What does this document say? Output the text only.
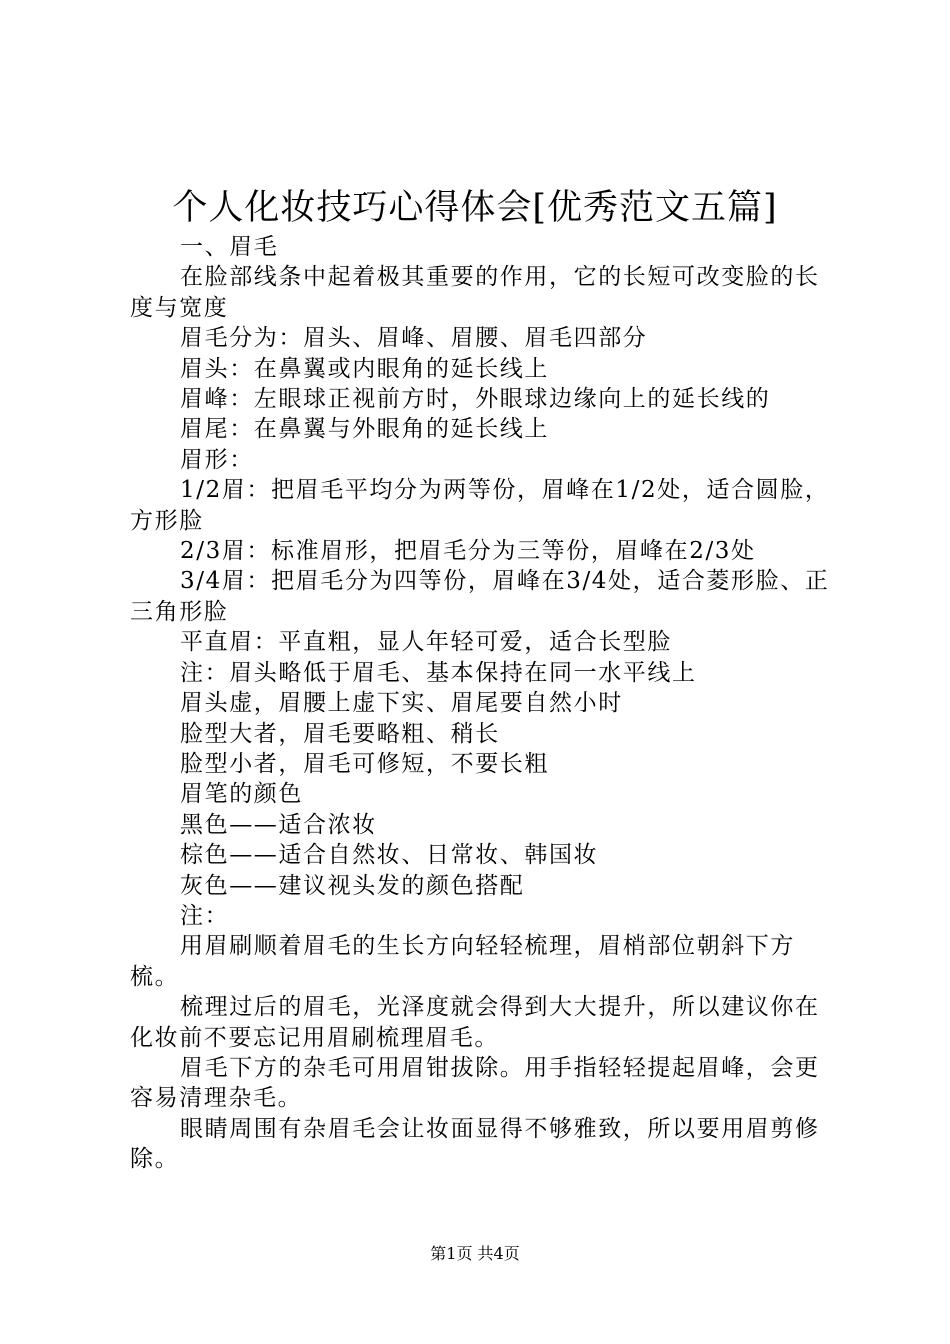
个人化妆技巧心得体会[优秀范文五篇]

一、眉毛

在脸部线条中起着极其重要的作用，它的长短可改变脸的长度与宽度

眉毛分为：眉头、眉峰、眉腰、眉毛四部分

眉头：在鼻翼或内眼角的延长线上

眉峰：左眼球正视前方时，外眼球边缘向上的延长线的

眉尾：在鼻翼与外眼角的延长线上

眉形：

1/2眉：把眉毛平均分为两等份，眉峰在1/2处，适合圆脸，方形脸

2/3眉：标准眉形，把眉毛分为三等份，眉峰在2/3处

3/4眉：把眉毛分为四等份，眉峰在3/4处，适合菱形脸、正三角形脸

平直眉：平直粗，显人年轻可爱，适合长型脸

注：眉头略低于眉毛、基本保持在同一水平线上

眉头虚，眉腰上虚下实、眉尾要自然小时

脸型大者，眉毛要略粗、稍长

脸型小者，眉毛可修短，不要长粗

眉笔的颜色

黑色——适合浓妆

棕色——适合自然妆、日常妆、韩国妆

灰色——建议视头发的颜色搭配

注：

用眉刷顺着眉毛的生长方向轻轻梳理，眉梢部位朝斜下方梳。

梳理过后的眉毛，光泽度就会得到大大提升，所以建议你在化妆前不要忘记用眉刷梳理眉毛。

眉毛下方的杂毛可用眉钳拔除。用手指轻轻提起眉峰，会更容易清理杂毛。

眼睛周围有杂眉毛会让妆面显得不够雅致，所以要用眉剪修除。

第1页 共4页
